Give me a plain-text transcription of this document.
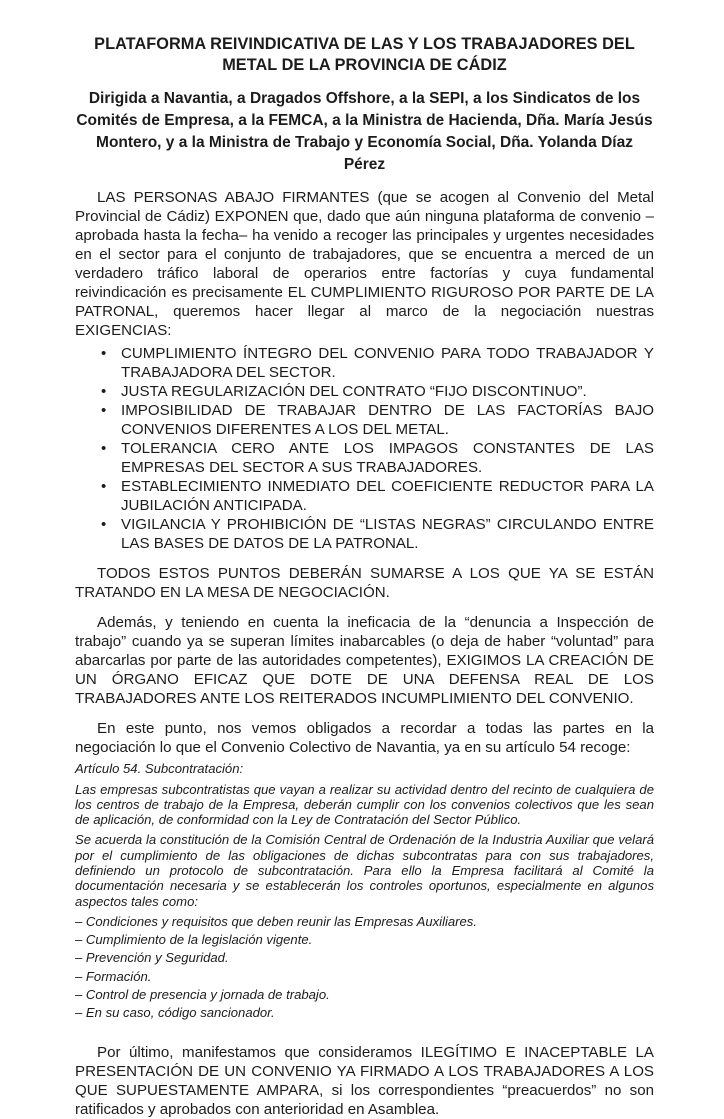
PLATAFORMA REIVINDICATIVA DE LAS Y LOS TRABAJADORES DEL
METAL DE LA PROVINCIA DE CÁDIZ
Dirigida a Navantia, a Dragados Offshore, a la SEPI, a los Sindicatos de los Comités de Empresa, a la FEMCA, a la Ministra de Hacienda, Dña. María Jesús Montero, y a la Ministra de Trabajo y Economía Social, Dña. Yolanda Díaz Pérez
LAS PERSONAS ABAJO FIRMANTES (que se acogen al Convenio del Metal Provincial de Cádiz) EXPONEN que, dado que aún ninguna plataforma de convenio –aprobada hasta la fecha– ha venido a recoger las principales y urgentes necesidades en el sector para el conjunto de trabajadores, que se encuentra a merced de un verdadero tráfico laboral de operarios entre factorías y cuya fundamental reivindicación es precisamente EL CUMPLIMIENTO RIGUROSO POR PARTE DE LA PATRONAL, queremos hacer llegar al marco de la negociación nuestras EXIGENCIAS:
• CUMPLIMIENTO ÍNTEGRO DEL CONVENIO PARA TODO TRABAJADOR Y TRABAJADORA DEL SECTOR.
• JUSTA REGULARIZACIÓN DEL CONTRATO “FIJO DISCONTINUO”.
• IMPOSIBILIDAD DE TRABAJAR DENTRO DE LAS FACTORÍAS BAJO CONVENIOS DIFERENTES A LOS DEL METAL.
• TOLERANCIA CERO ANTE LOS IMPAGOS CONSTANTES DE LAS EMPRESAS DEL SECTOR A SUS TRABAJADORES.
• ESTABLECIMIENTO INMEDIATO DEL COEFICIENTE REDUCTOR PARA LA JUBILACIÓN ANTICIPADA.
• VIGILANCIA Y PROHIBICIÓN DE “LISTAS NEGRAS” CIRCULANDO ENTRE LAS BASES DE DATOS DE LA PATRONAL.
TODOS ESTOS PUNTOS DEBERÁN SUMARSE A LOS QUE YA SE ESTÁN TRATANDO EN LA MESA DE NEGOCIACIÓN.
Además, y teniendo en cuenta la ineficacia de la “denuncia a Inspección de trabajo” cuando ya se superan límites inabarcables (o deja de haber “voluntad” para abarcarlas por parte de las autoridades competentes), EXIGIMOS LA CREACIÓN DE UN ÓRGANO EFICAZ QUE DOTE DE UNA DEFENSA REAL DE LOS TRABAJADORES ANTE LOS REITERADOS INCUMPLIMIENTO DEL CONVENIO.
En este punto, nos vemos obligados a recordar a todas las partes en la negociación lo que el Convenio Colectivo de Navantia, ya en su artículo 54 recoge:
Artículo 54. Subcontratación:
Las empresas subcontratistas que vayan a realizar su actividad dentro del recinto de cualquiera de los centros de trabajo de la Empresa, deberán cumplir con los convenios colectivos que les sean de aplicación, de conformidad con la Ley de Contratación del Sector Público.
Se acuerda la constitución de la Comisión Central de Ordenación de la Industria Auxiliar que velará por el cumplimiento de las obligaciones de dichas subcontratas para con sus trabajadores, definiendo un protocolo de subcontratación. Para ello la Empresa facilitará al Comité la documentación necesaria y se establecerán los controles oportunos, especialmente en algunos aspectos tales como:
– Condiciones y requisitos que deben reunir las Empresas Auxiliares.
– Cumplimiento de la legislación vigente.
– Prevención y Seguridad.
– Formación.
– Control de presencia y jornada de trabajo.
– En su caso, código sancionador.
Por último, manifestamos que consideramos ILEGÍTIMO E INACEPTABLE LA PRESENTACIÓN DE UN CONVENIO YA FIRMADO A LOS TRABAJADORES A LOS QUE SUPUESTAMENTE AMPARA, si los correspondientes “preacuerdos” no son ratificados y aprobados con anterioridad en Asamblea.
